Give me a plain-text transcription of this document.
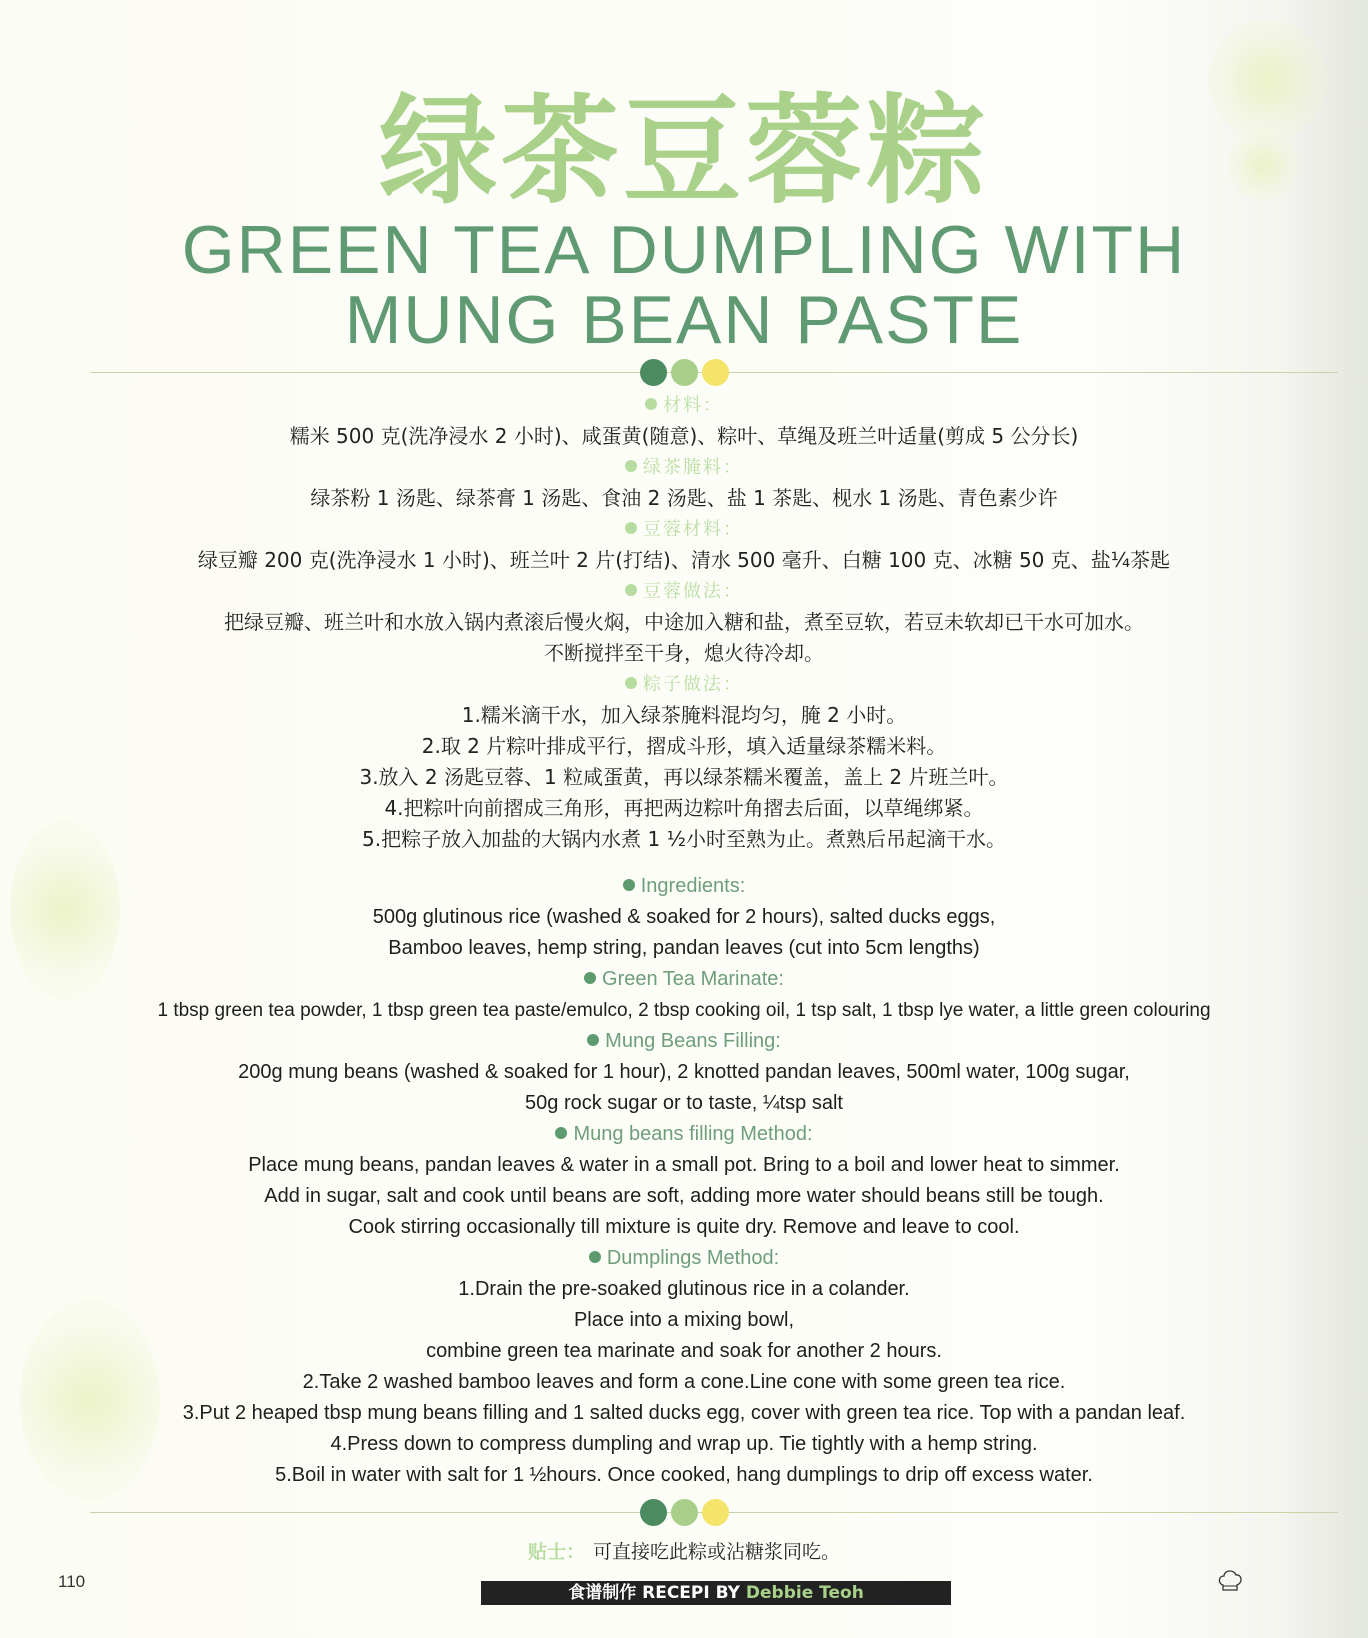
绿茶豆蓉粽
GREEN TEA DUMPLING WITH
MUNG BEAN PASTE
材料：
糯米 500 克(洗净浸水 2 小时)、咸蛋黄(随意)、粽叶、草绳及班兰叶适量(剪成 5 公分长)
绿茶腌料：
绿茶粉 1 汤匙、绿茶膏 1 汤匙、食油 2 汤匙、盐 1 茶匙、枧水 1 汤匙、青色素少许
豆蓉材料：
绿豆瓣 200 克(洗净浸水 1 小时)、班兰叶 2 片(打结)、清水 500 毫升、白糖 100 克、冰糖 50 克、盐¼茶匙
豆蓉做法：
把绿豆瓣、班兰叶和水放入锅内煮滚后慢火焖，中途加入糖和盐，煮至豆软，若豆未软却已干水可加水。
不断搅拌至干身，熄火待冷却。
粽子做法：
1.糯米滴干水，加入绿茶腌料混均匀，腌 2 小时。
2.取 2 片粽叶排成平行，摺成斗形，填入适量绿茶糯米料。
3.放入 2 汤匙豆蓉、1 粒咸蛋黄，再以绿茶糯米覆盖，盖上 2 片班兰叶。
4.把粽叶向前摺成三角形，再把两边粽叶角摺去后面，以草绳绑紧。
5.把粽子放入加盐的大锅内水煮 1 ½小时至熟为止。煮熟后吊起滴干水。
Ingredients:
500g glutinous rice (washed & soaked for 2 hours), salted ducks eggs,
Bamboo leaves, hemp string, pandan leaves (cut into 5cm lengths)
Green Tea Marinate:
1 tbsp green tea powder, 1 tbsp green tea paste/emulco, 2 tbsp cooking oil, 1 tsp salt, 1 tbsp lye water, a little green colouring
Mung Beans Filling:
200g mung beans (washed & soaked for 1 hour), 2 knotted pandan leaves, 500ml water, 100g sugar,
50g rock sugar or to taste, ¼tsp salt
Mung beans filling Method:
Place mung beans, pandan leaves & water in a small pot. Bring to a boil and lower heat to simmer.
Add in sugar, salt and cook until beans are soft, adding more water should beans still be tough.
Cook stirring occasionally till mixture is quite dry. Remove and leave to cool.
Dumplings Method:
1.Drain the pre-soaked glutinous rice in a colander.
Place into a mixing bowl,
combine green tea marinate and soak for another 2 hours.
2.Take 2 washed bamboo leaves and form a cone.Line cone with some green tea rice.
3.Put 2 heaped tbsp mung beans filling and 1 salted ducks egg, cover with green tea rice. Top with a pandan leaf.
4.Press down to compress dumpling and wrap up. Tie tightly with a hemp string.
5.Boil in water with salt for 1 ½hours. Once cooked, hang dumplings to drip off excess water.
贴士： 可直接吃此粽或沾糖浆同吃。
110
食谱制作 RECEPI BY Debbie Teoh
